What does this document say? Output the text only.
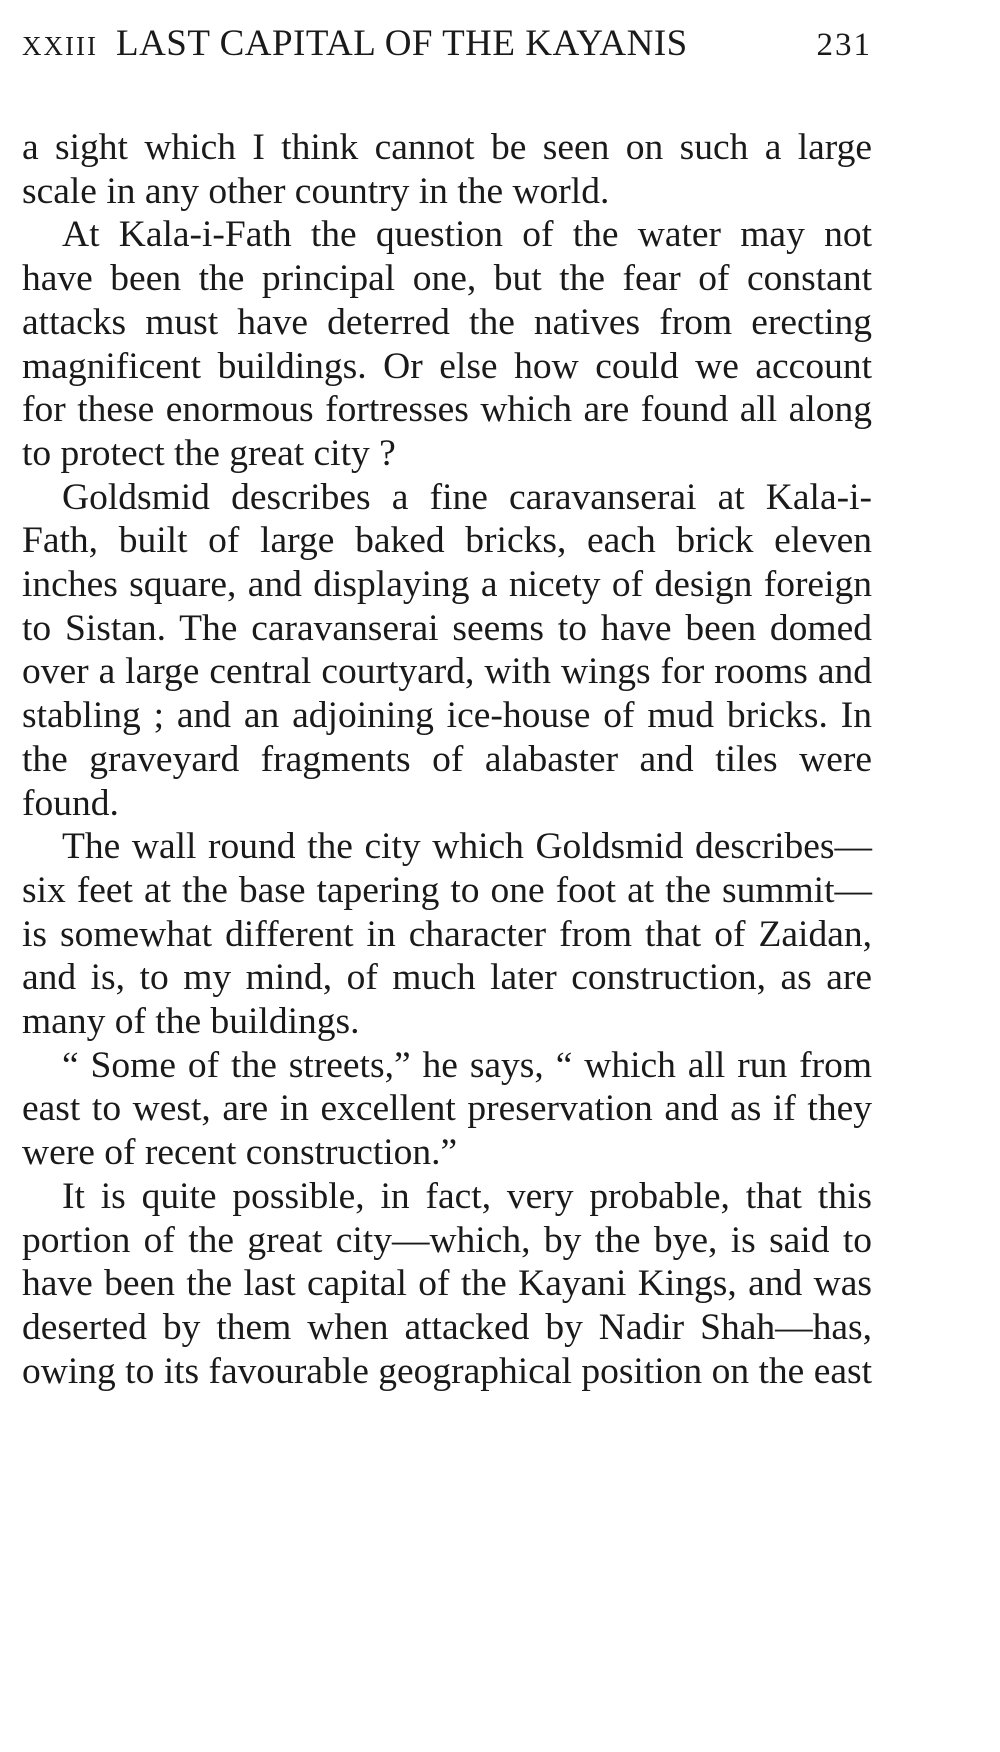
XXIII LAST CAPITAL OF THE KAYANIS	231

a sight which I think cannot be seen on such a large scale in any other country in the world.

At Kala-i-Fath the question of the water may not have been the principal one, but the fear of constant attacks must have deterred the natives from erecting magnificent buildings. Or else how could we account for these enormous fortresses which are found all along to protect the great city ?

Goldsmid describes a fine caravanserai at Kala-i-Fath, built of large baked bricks, each brick eleven inches square, and displaying a nicety of design foreign to Sistan. The caravanserai seems to have been domed over a large central courtyard, with wings for rooms and stabling ; and an adjoining ice-house of mud bricks. In the graveyard fragments of alabaster and tiles were found.

The wall round the city which Goldsmid describes—six feet at the base tapering to one foot at the summit—is somewhat different in character from that of Zaidan, and is, to my mind, of much later construction, as are many of the buildings.

“ Some of the streets,” he says, “ which all run from east to west, are in excellent preservation and as if they were of recent construction.”

It is quite possible, in fact, very probable, that this portion of the great city—which, by the bye, is said to have been the last capital of the Kayani Kings, and was deserted by them when attacked by Nadir Shah—has, owing to its favourable geographical position on the east
